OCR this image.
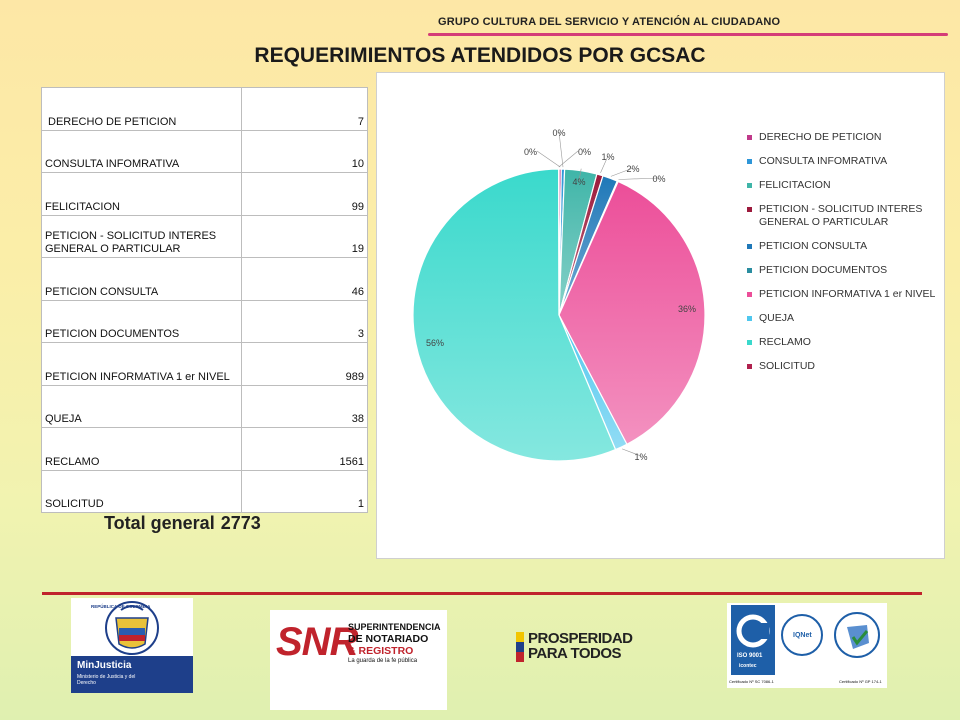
GRUPO CULTURA DEL SERVICIO Y ATENCIÓN AL CIUDADANO
REQUERIMIENTOS ATENDIDOS POR GCSAC
DERECHO DE PETICION	7
CONSULTA INFOMRATIVA	10
FELICITACION	99
PETICION - SOLICITUD INTERES GENERAL O PARTICULAR	19
PETICION CONSULTA	46
PETICION DOCUMENTOS	3
PETICION INFORMATIVA 1 er NIVEL	989
QUEJA	38
RECLAMO	1561
SOLICITUD	1
Total general 2773
0%
0%
4%
1%
2%
0%
36%
1%
56%
0%
DERECHO DE PETICION
CONSULTA INFOMRATIVA
FELICITACION
PETICION - SOLICITUD INTERES GENERAL O PARTICULAR
PETICION CONSULTA
PETICION DOCUMENTOS
PETICION INFORMATIVA 1 er NIVEL
QUEJA
RECLAMO
SOLICITUD
REPÚBLICA DE COLOMBIA
MinJusticia
Ministerio de Justicia y del Derecho
SNR
SUPERINTENDENCIA
DE NOTARIADO
& REGISTRO
La guarda de la fe pública
PROSPERIDAD
PARA TODOS	ISO 9001
icontec
IQNet
Certificado Nº SC 7086-1	Certificado Nº GP 174-1
